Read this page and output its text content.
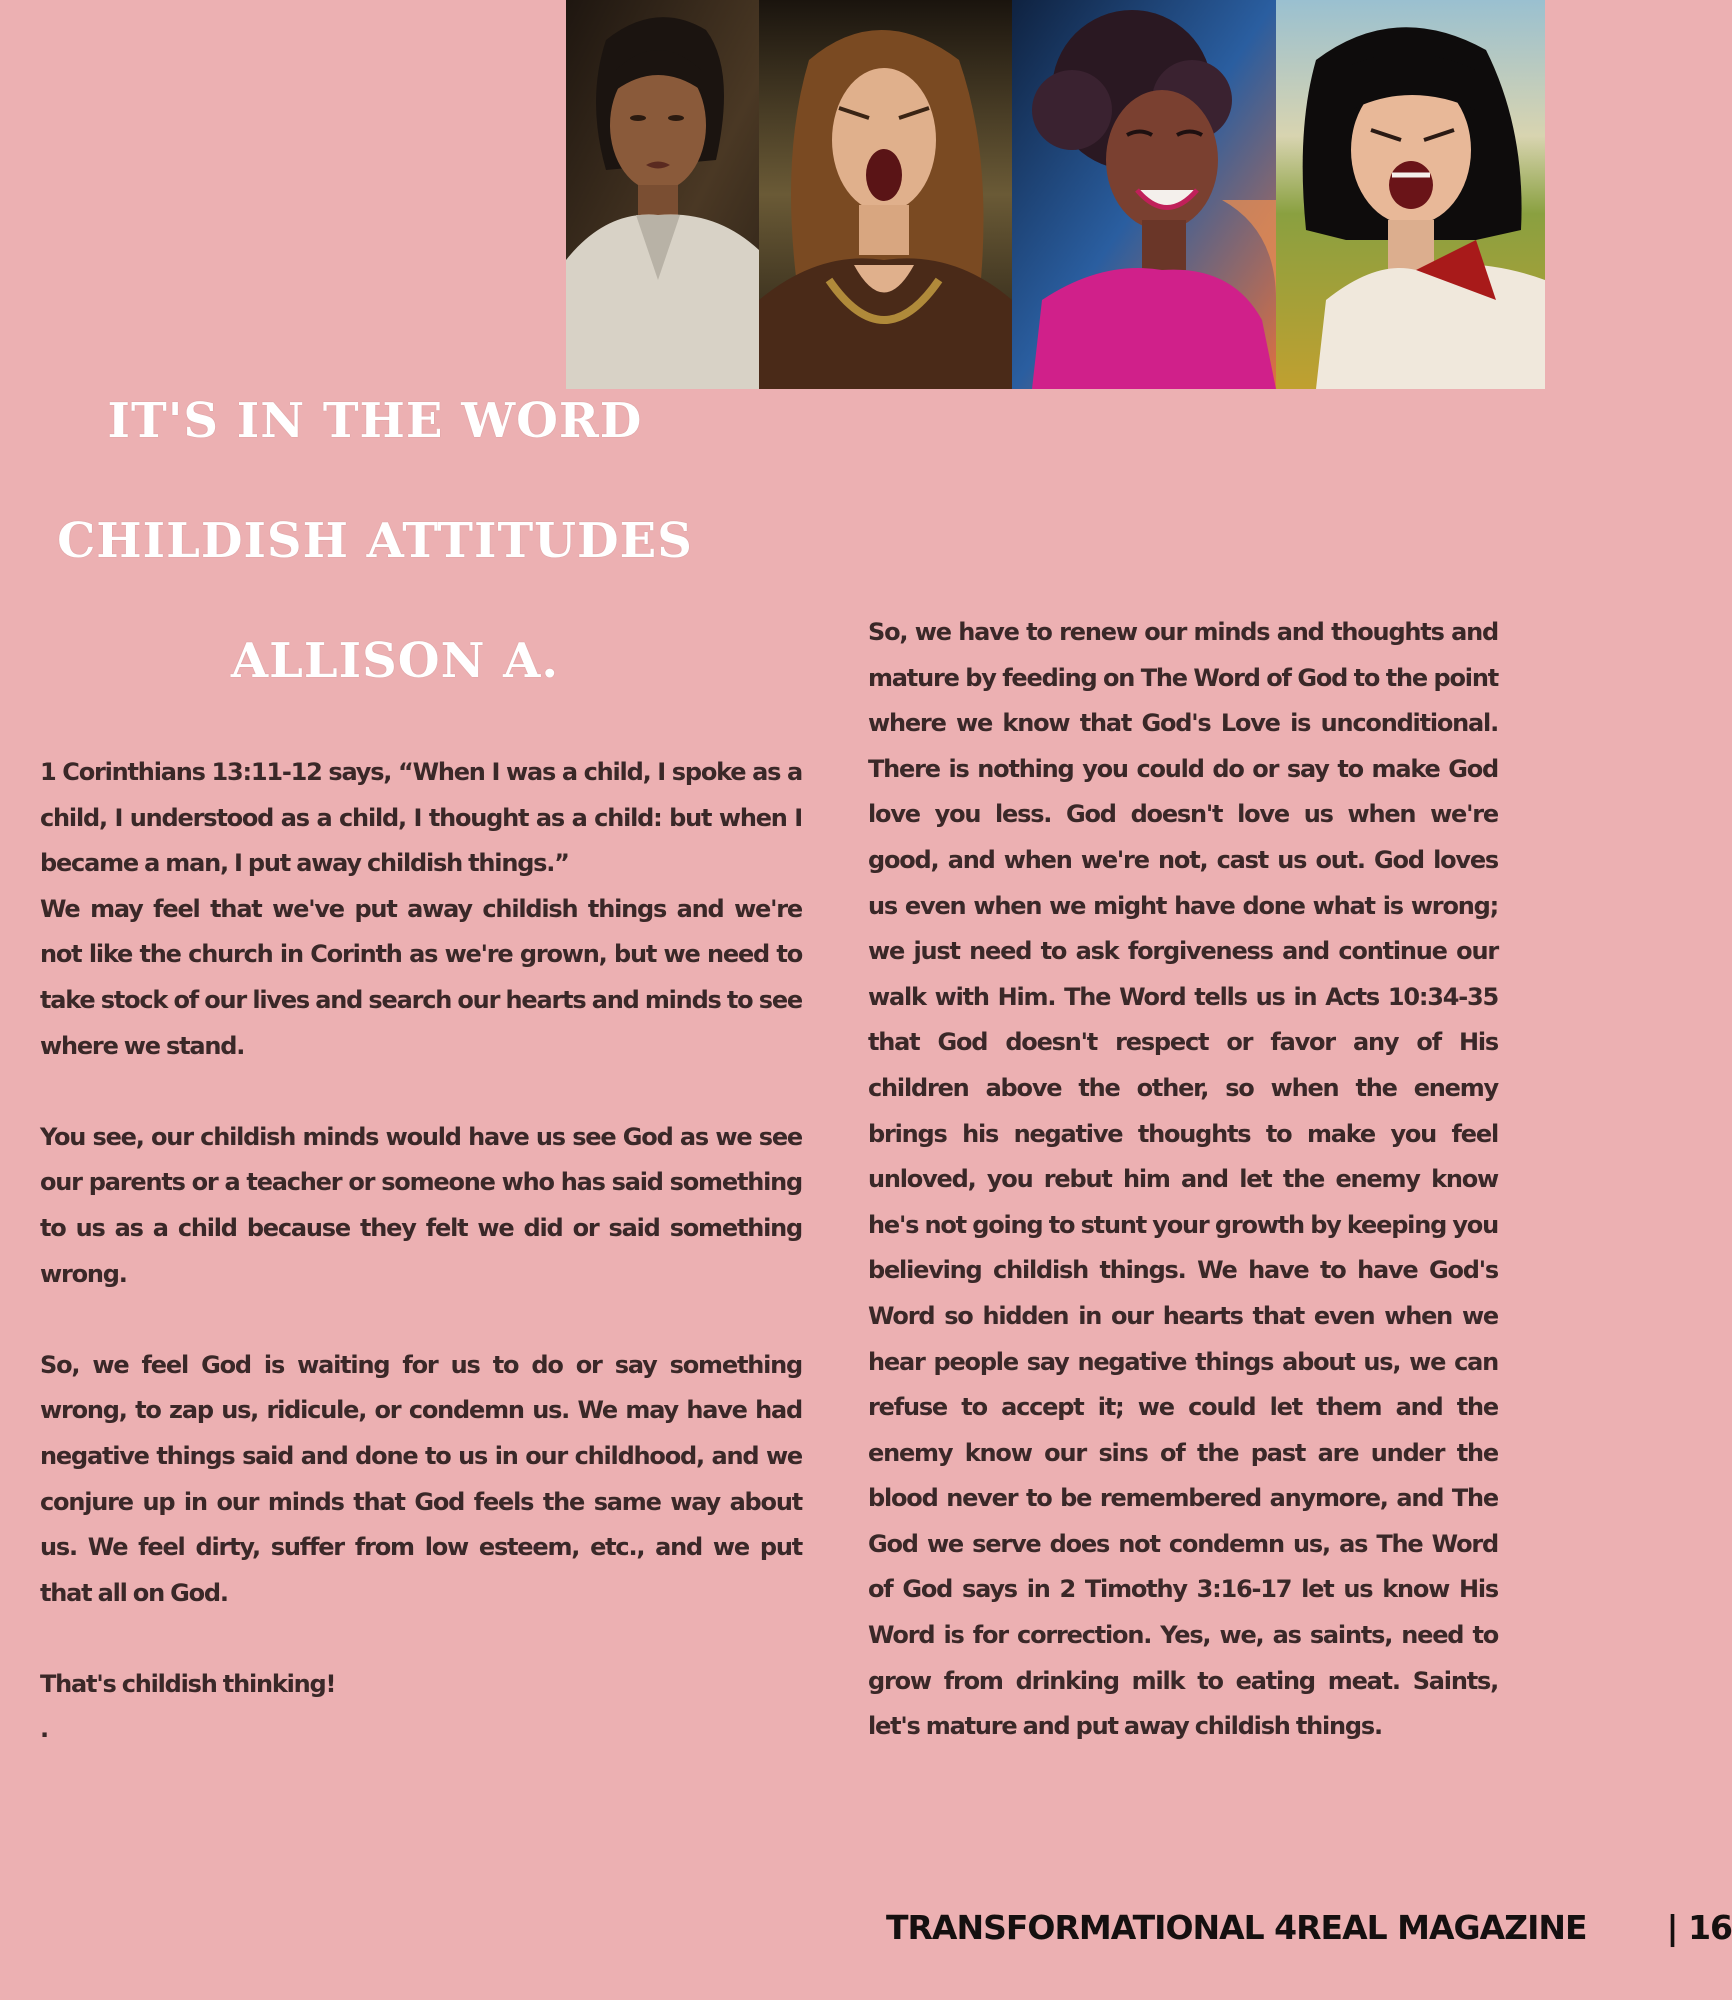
IT'S IN THE WORD
CHILDISH ATTITUDES
ALLISON A.

1 Corinthians 13:11-12 says, “When I was a child, I spoke as a child, I understood as a child, I thought as a child: but when I became a man, I put away childish things.”

We may feel that we've put away childish things and we're not like the church in Corinth as we're grown, but we need to take stock of our lives and search our hearts and minds to see where we stand.

You see, our childish minds would have us see God as we see our parents or a teacher or someone who has said something to us as a child because they felt we did or said something wrong.

So, we feel God is waiting for us to do or say something wrong, to zap us, ridicule, or condemn us. We may have had negative things said and done to us in our childhood, and we conjure up in our minds that God feels the same way about us. We feel dirty, suffer from low esteem, etc., and we put that all on God.

That's childish thinking!

.

So, we have to renew our minds and thoughts and mature by feeding on The Word of God to the point where we know that God's Love is unconditional. There is nothing you could do or say to make God love you less. God doesn't love us when we're good, and when we're not, cast us out. God loves us even when we might have done what is wrong; we just need to ask forgiveness and continue our walk with Him. The Word tells us in Acts 10:34-35 that God doesn't respect or favor any of His children above the other, so when the enemy brings his negative thoughts to make you feel unloved, you rebut him and let the enemy know he's not going to stunt your growth by keeping you believing childish things. We have to have God's Word so hidden in our hearts that even when we hear people say negative things about us, we can refuse to accept it; we could let them and the enemy know our sins of the past are under the blood never to be remembered anymore, and The God we serve does not condemn us, as The Word of God says in 2 Timothy 3:16-17 let us know His Word is for correction. Yes, we, as saints, need to grow from drinking milk to eating meat. Saints, let's mature and put away childish things.

TRANSFORMATIONAL 4REAL MAGAZINE | 16
